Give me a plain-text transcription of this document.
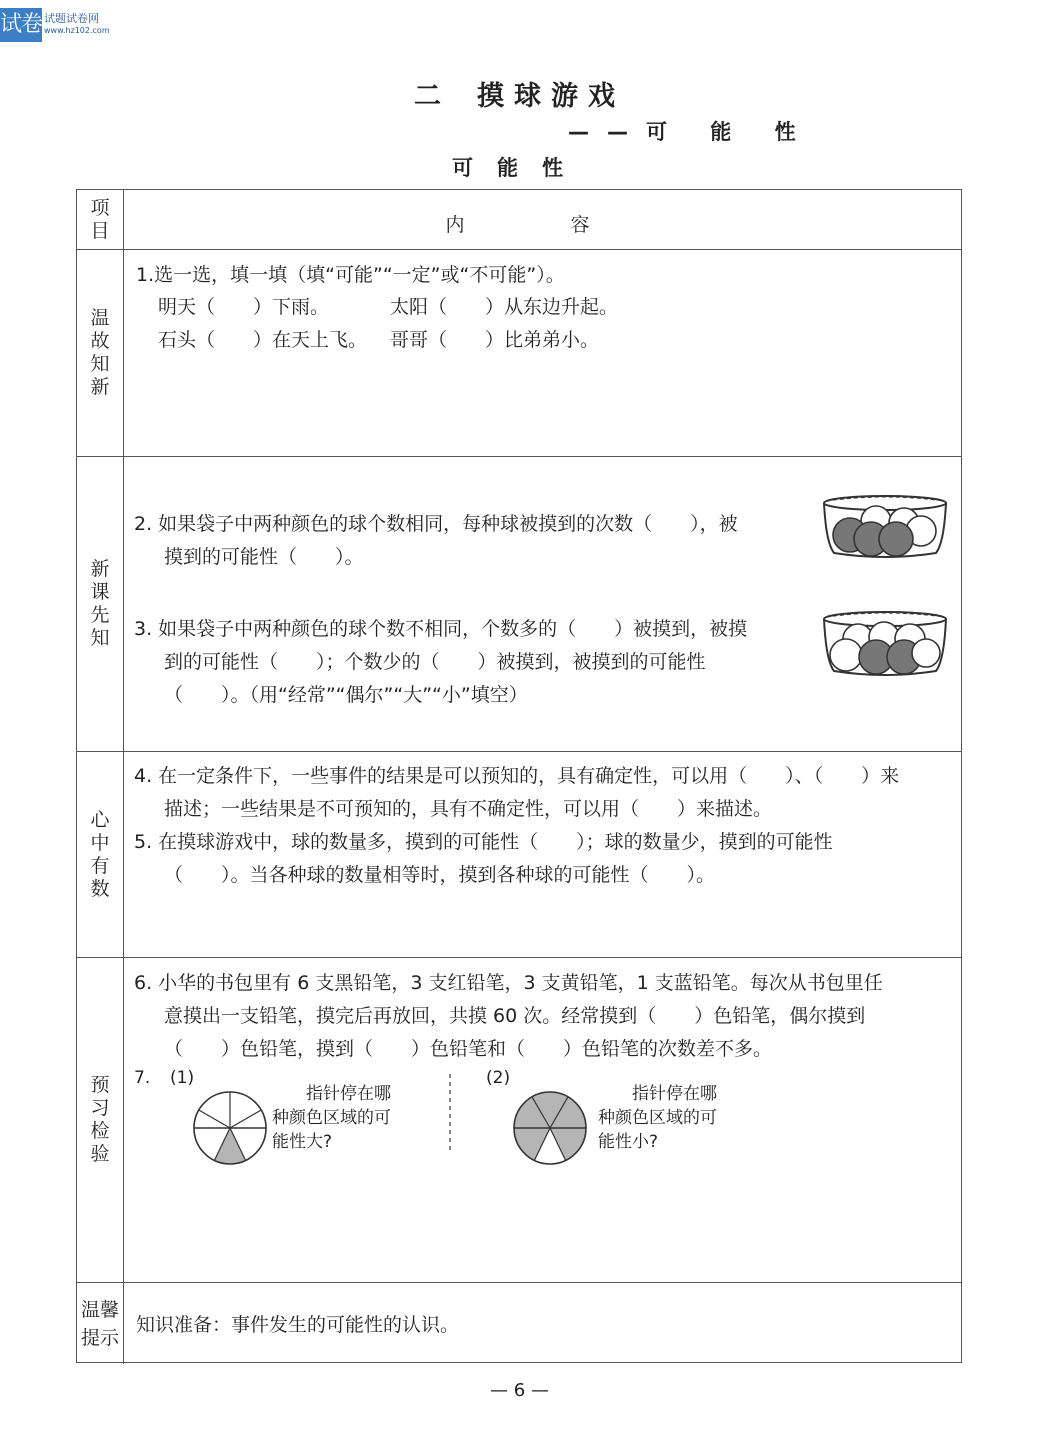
试卷 试题试卷网
www.hz102.com
二 摸球游戏
——可 能 性
可能性
项目	内 容
温故知新
1.选一选，填一填（填“可能”“一定”或“不可能”）。
明天（　　）下雨。	太阳（　　）从东边升起。
石头（　　）在天上飞。 哥哥（　　）比弟弟小。
新课先知
2. 如果袋子中两种颜色的球个数相同，每种球被摸到的次数（　　），被
摸到的可能性（　　）。
3. 如果袋子中两种颜色的球个数不相同，个数多的（　　）被摸到，被摸
到的可能性（　　）；个数少的（　　）被摸到，被摸到的可能性
（　　）。（用“经常”“偶尔”“大”“小”填空）
心中有数
4. 在一定条件下，一些事件的结果是可以预知的，具有确定性，可以用（　　）、（　　）来
描述；一些结果是不可预知的，具有不确定性，可以用（　　）来描述。
5. 在摸球游戏中，球的数量多，摸到的可能性（　　）；球的数量少，摸到的可能性
（　　）。当各种球的数量相等时，摸到各种球的可能性（　　）。
预习检验
6. 小华的书包里有 6 支黑铅笔，3 支红铅笔，3 支黄铅笔，1 支蓝铅笔。每次从书包里任
意摸出一支铅笔，摸完后再放回，共摸 60 次。经常摸到（　　）色铅笔，偶尔摸到
（　　）色铅笔，摸到（　　）色铅笔和（　　）色铅笔的次数差不多。
7. (1)	(2)
指针停在哪
种颜色区域的可
能性大?
指针停在哪
种颜色区域的可
能性小?
温馨提示
知识准备：事件发生的可能性的认识。
— 6 —
